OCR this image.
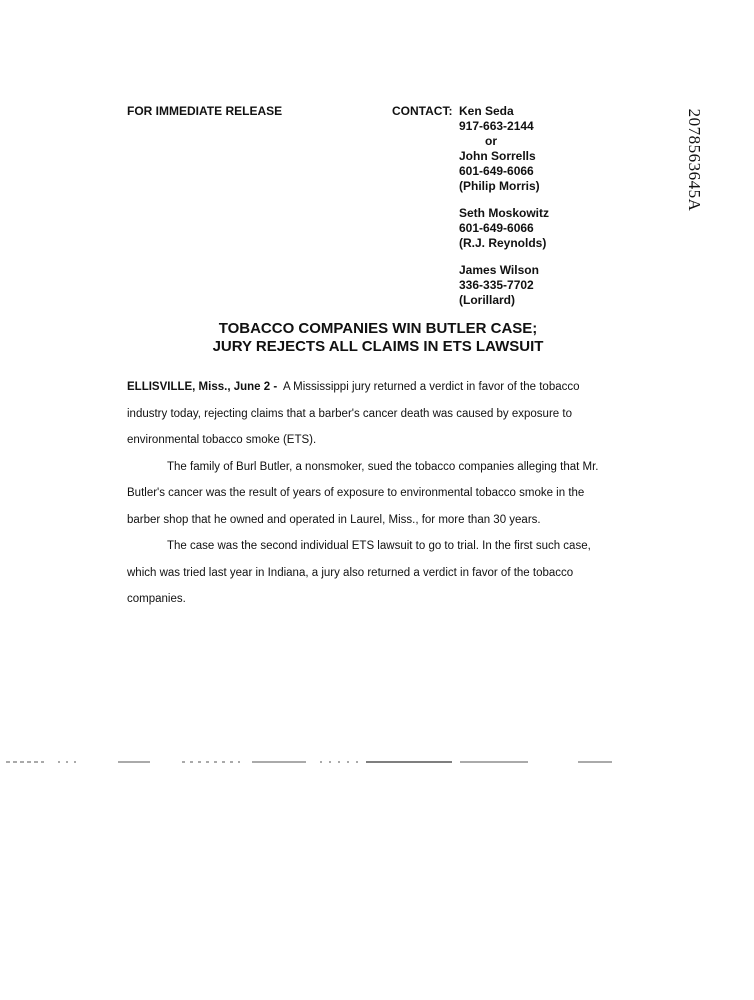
FOR IMMEDIATE RELEASE	CONTACT: Ken Seda
917-663-2144
or
John Sorrells
601-649-6066
(Philip Morris)
Seth Moskowitz
601-649-6066
(R.J. Reynolds)
James Wilson
336-335-7702
(Lorillard)
2078563645A
TOBACCO COMPANIES WIN BUTLER CASE;
JURY REJECTS ALL CLAIMS IN ETS LAWSUIT

ELLISVILLE, Miss., June 2 - A Mississippi jury returned a verdict in favor of the tobacco industry today, rejecting claims that a barber's cancer death was caused by exposure to environmental tobacco smoke (ETS).

The family of Burl Butler, a nonsmoker, sued the tobacco companies alleging that Mr. Butler's cancer was the result of years of exposure to environmental tobacco smoke in the barber shop that he owned and operated in Laurel, Miss., for more than 30 years.

The case was the second individual ETS lawsuit to go to trial. In the first such case, which was tried last year in Indiana, a jury also returned a verdict in favor of the tobacco companies.
